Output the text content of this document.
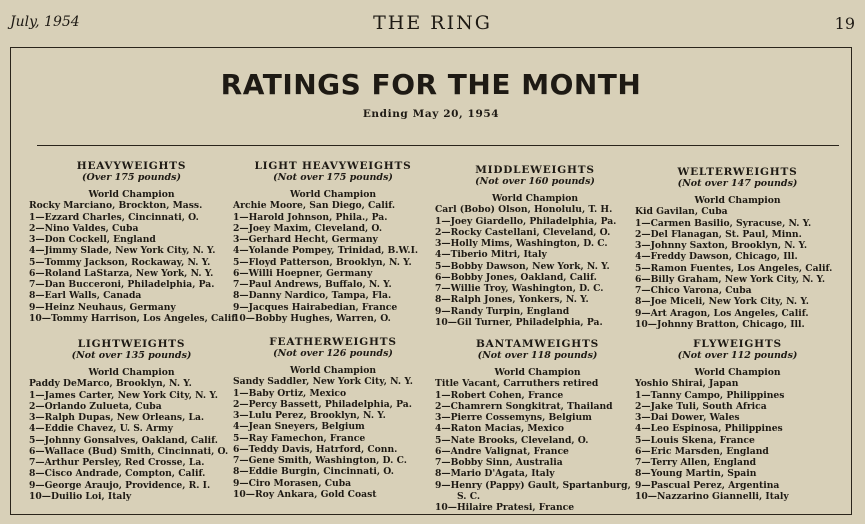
July, 1954	THE RING	19
RATINGS FOR THE MONTH
Ending May 20, 1954
HEAVYWEIGHTS
(Over 175 pounds)
World Champion
Rocky Marciano, Brockton, Mass.
1—Ezzard Charles, Cincinnati, O.
2—Nino Valdes, Cuba
3—Don Cockell, England
4—Jimmy Slade, New York City, N. Y.
5—Tommy Jackson, Rockaway, N. Y.
6—Roland LaStarza, New York, N. Y.
7—Dan Bucceroni, Philadelphia, Pa.
8—Earl Walls, Canada
9—Heinz Neuhaus, Germany
10—Tommy Harrison, Los Angeles, Calif.
LIGHT HEAVYWEIGHTS
(Not over 175 pounds)
World Champion
Archie Moore, San Diego, Calif.
1—Harold Johnson, Phila., Pa.
2—Joey Maxim, Cleveland, O.
3—Gerhard Hecht, Germany
4—Yolande Pompey, Trinidad, B.W.I.
5—Floyd Patterson, Brooklyn, N. Y.
6—Willi Hoepner, Germany
7—Paul Andrews, Buffalo, N. Y.
8—Danny Nardico, Tampa, Fla.
9—Jacques Hairabedian, France
10—Bobby Hughes, Warren, O.
MIDDLEWEIGHTS
(Not over 160 pounds)
World Champion
Carl (Bobo) Olson, Honolulu, T. H.
1—Joey Giardello, Philadelphia, Pa.
2—Rocky Castellani, Cleveland, O.
3—Holly Mims, Washington, D. C.
4—Tiberio Mitri, Italy
5—Bobby Dawson, New York, N. Y.
6—Bobby Jones, Oakland, Calif.
7—Willie Troy, Washington, D. C.
8—Ralph Jones, Yonkers, N. Y.
9—Randy Turpin, England
10—Gil Turner, Philadelphia, Pa.
WELTERWEIGHTS
(Not over 147 pounds)
World Champion
Kid Gavilan, Cuba
1—Carmen Basilio, Syracuse, N. Y.
2—Del Flanagan, St. Paul, Minn.
3—Johnny Saxton, Brooklyn, N. Y.
4—Freddy Dawson, Chicago, Ill.
5—Ramon Fuentes, Los Angeles, Calif.
6—Billy Graham, New York City, N. Y.
7—Chico Varona, Cuba
8—Joe Miceli, New York City, N. Y.
9—Art Aragon, Los Angeles, Calif.
10—Johnny Bratton, Chicago, Ill.
LIGHTWEIGHTS
(Not over 135 pounds)
World Champion
Paddy DeMarco, Brooklyn, N. Y.
1—James Carter, New York City, N. Y.
2—Orlando Zulueta, Cuba
3—Ralph Dupas, New Orleans, La.
4—Eddie Chavez, U. S. Army
5—Johnny Gonsalves, Oakland, Calif.
6—Wallace (Bud) Smith, Cincinnati, O.
7—Arthur Persley, Red Crosse, La.
8—Cisco Andrade, Compton, Calif.
9—George Araujo, Providence, R. I.
10—Duilio Loi, Italy
FEATHERWEIGHTS
(Not over 126 pounds)
World Champion
Sandy Saddler, New York City, N. Y.
1—Baby Ortiz, Mexico
2—Percy Bassett, Philadelphia, Pa.
3—Lulu Perez, Brooklyn, N. Y.
4—Jean Sneyers, Belgium
5—Ray Famechon, France
6—Teddy Davis, Hatrford, Conn.
7—Gene Smith, Washington, D. C.
8—Eddie Burgin, Cincinnati, O.
9—Ciro Morasen, Cuba
10—Roy Ankara, Gold Coast
BANTAMWEIGHTS
(Not over 118 pounds)
World Champion
Title Vacant, Carruthers retired
1—Robert Cohen, France
2—Chamrern Songkitrat, Thailand
3—Pierre Cossemyns, Belgium
4—Raton Macias, Mexico
5—Nate Brooks, Cleveland, O.
6—Andre Valignat, France
7—Bobby Sinn, Australia
8—Mario D'Agata, Italy
9—Henry (Pappy) Gault, Spartanburg,
S. C.
10—Hilaire Pratesi, France
FLYWEIGHTS
(Not over 112 pounds)
World Champion
Yoshio Shirai, Japan
1—Tanny Campo, Philippines
2—Jake Tuli, South Africa
3—Dai Dower, Wales
4—Leo Espinosa, Philippines
5—Louis Skena, France
6—Eric Marsden, England
7—Terry Allen, England
8—Young Martin, Spain
9—Pascual Perez, Argentina
10—Nazzarino Giannelli, Italy
